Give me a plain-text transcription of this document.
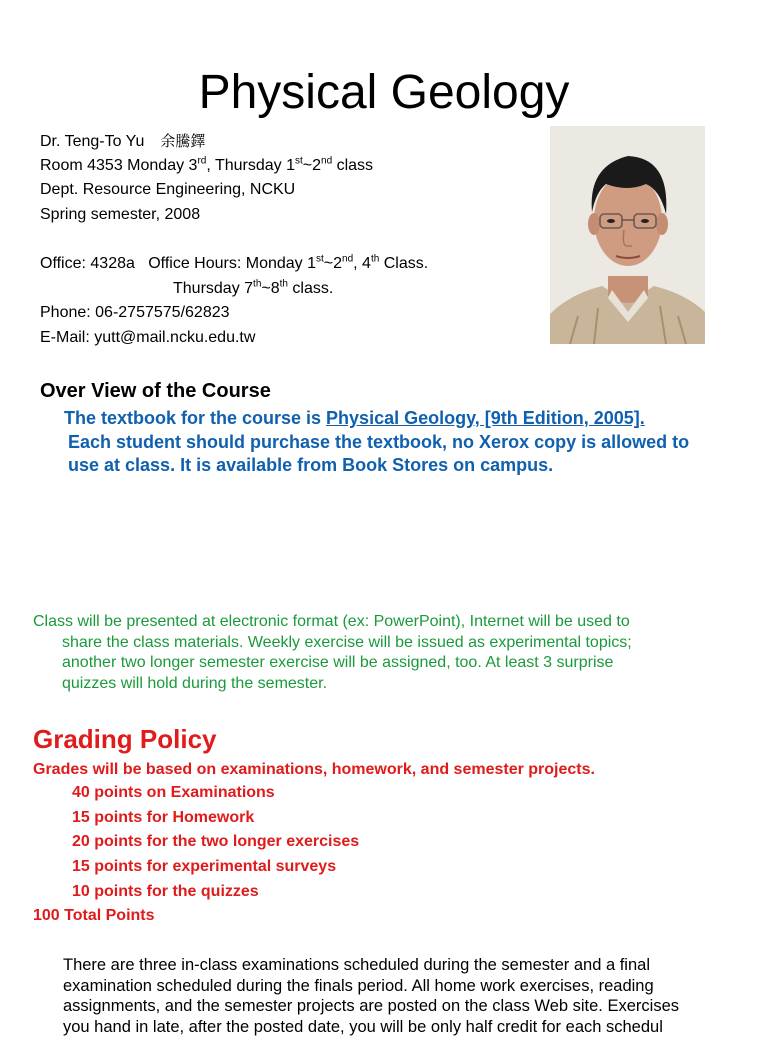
Physical Geology
Dr. Teng-To Yu 余騰鐸
Room 4353 Monday 3rd, Thursday 1st~2nd class
Dept. Resource Engineering, NCKU
Spring semester, 2008
Office: 4328a   Office Hours: Monday 1st~2nd, 4th Class.
Thursday 7th~8th class.
Phone: 06-2757575/62823
E-Mail: yutt@mail.ncku.edu.tw
Over View of the Course
The textbook for the course is Physical Geology, [9th Edition, 2005].
Each student should purchase the textbook, no Xerox copy is allowed to
use at class. It is available from Book Stores on campus.
Class will be presented at electronic format (ex: PowerPoint), Internet will be used to
share the class materials. Weekly exercise will be issued as experimental topics;
another two longer semester exercise will be assigned, too. At least 3 surprise
quizzes will hold during the semester.
Grading Policy
Grades will be based on examinations, homework, and semester projects.
40 points on Examinations
15 points for Homework
20 points for the two longer exercises
15 points for experimental surveys
10 points for the quizzes
100 Total Points
There are three in-class examinations scheduled during the semester and a final
examination scheduled during the finals period. All home work exercises, reading
assignments, and the semester projects are posted on the class Web site. Exercises
you hand in late, after the posted date, you will be only half credit for each schedul
